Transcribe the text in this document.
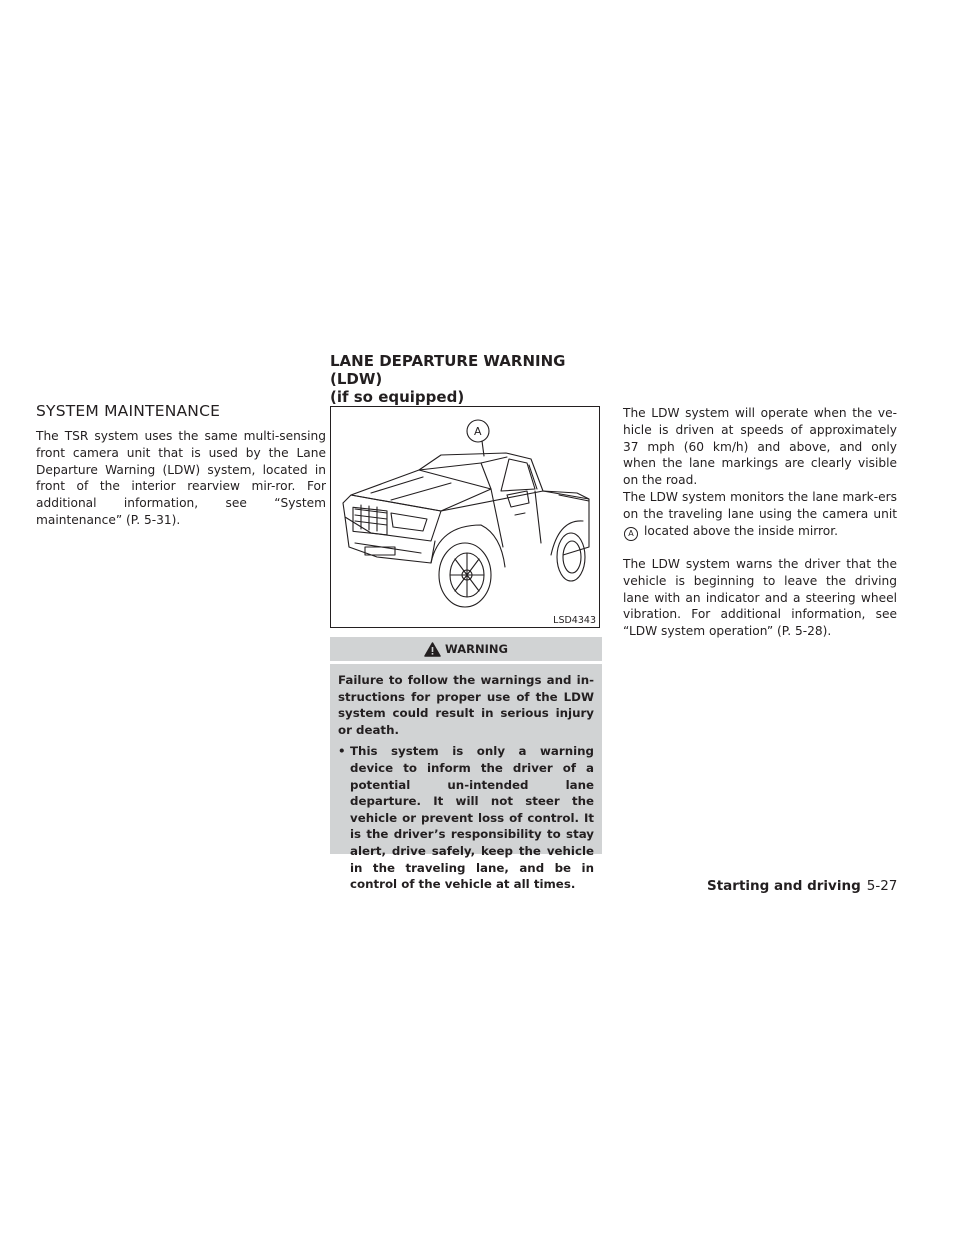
SYSTEM MAINTENANCE
The TSR system uses the same multi-sensing front camera unit that is used by the Lane Departure Warning (LDW) system, located in front of the interior rearview mir-ror. For additional information, see “System maintenance” (P. 5-31).
LANE DEPARTURE WARNING (LDW)
(if so equipped)
A
LSD4343
WARNING

Failure to follow the warnings and in-structions for proper use of the LDW system could result in serious injury or death.

• This system is only a warning device to inform the driver of a potential un-intended lane departure. It will not steer the vehicle or prevent loss of control. It is the driver’s responsibility to stay alert, drive safely, keep the vehicle in the traveling lane, and be in control of the vehicle at all times.

The LDW system will operate when the ve-hicle is driven at speeds of approximately 37 mph (60 km/h) and above, and only when the lane markings are clearly visible on the road.
The LDW system monitors the lane mark-ers on the traveling lane using the camera unit A located above the inside mirror.
The LDW system warns the driver that the vehicle is beginning to leave the driving lane with an indicator and a steering wheel vibration. For additional information, see “LDW system operation” (P. 5-28).
Starting and driving 5-27
